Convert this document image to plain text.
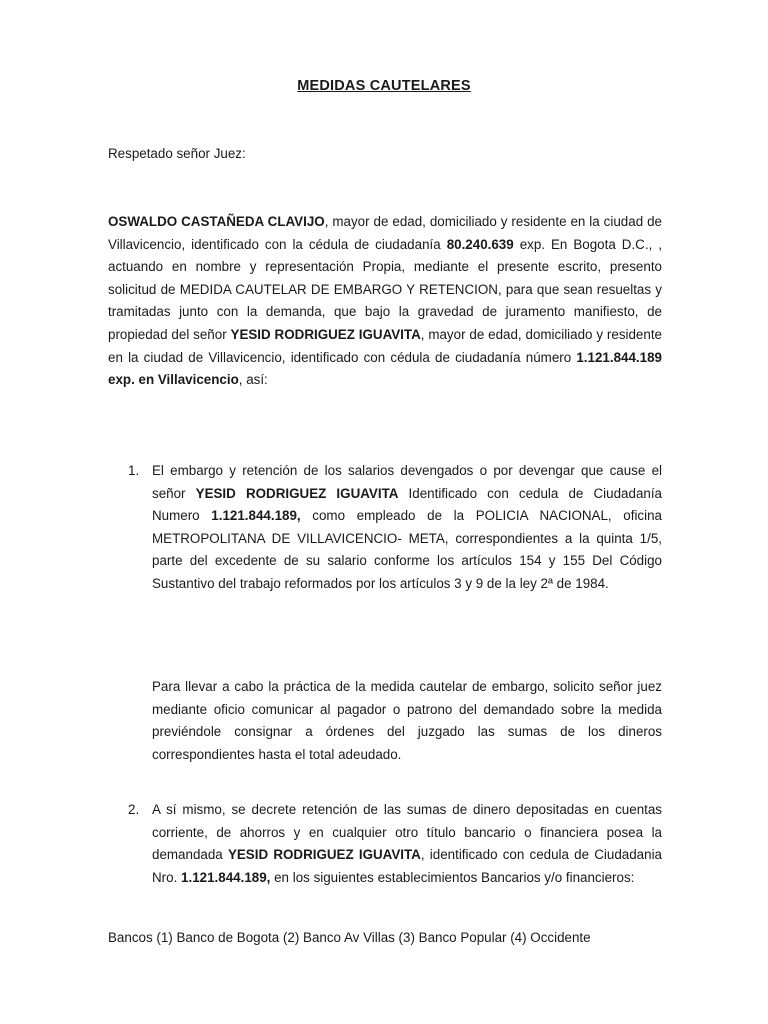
MEDIDAS CAUTELARES
Respetado señor Juez:
OSWALDO CASTAÑEDA CLAVIJO, mayor de edad, domiciliado y residente en la ciudad de Villavicencio, identificado con la cédula de ciudadanía 80.240.639 exp. En Bogota D.C., , actuando en nombre y representación Propia, mediante el presente escrito, presento solicitud de MEDIDA CAUTELAR DE EMBARGO Y RETENCION, para que sean resueltas y tramitadas junto con la demanda, que bajo la gravedad de juramento manifiesto, de propiedad del señor YESID RODRIGUEZ IGUAVITA, mayor de edad, domiciliado y residente en la ciudad de Villavicencio, identificado con cédula de ciudadanía número 1.121.844.189 exp. en Villavicencio, así:
1. El embargo y retención de los salarios devengados o por devengar que cause el señor YESID RODRIGUEZ IGUAVITA Identificado con cedula de Ciudadanía Numero 1.121.844.189, como empleado de la POLICIA NACIONAL, oficina METROPOLITANA DE VILLAVICENCIO- META, correspondientes a la quinta 1/5, parte del excedente de su salario conforme los artículos 154 y 155 Del Código Sustantivo del trabajo reformados por los artículos 3 y 9 de la ley 2ª de 1984.
Para llevar a cabo la práctica de la medida cautelar de embargo, solicito señor juez mediante oficio comunicar al pagador o patrono del demandado sobre la medida previéndole consignar a órdenes del juzgado las sumas de los dineros correspondientes hasta el total adeudado.
2. A sí mismo, se decrete retención de las sumas de dinero depositadas en cuentas corriente, de ahorros y en cualquier otro título bancario o financiera posea la demandada YESID RODRIGUEZ IGUAVITA, identificado con cedula de Ciudadania Nro. 1.121.844.189, en los siguientes establecimientos Bancarios y/o financieros:
Bancos (1) Banco de Bogota (2) Banco Av Villas (3) Banco Popular (4) Occidente
